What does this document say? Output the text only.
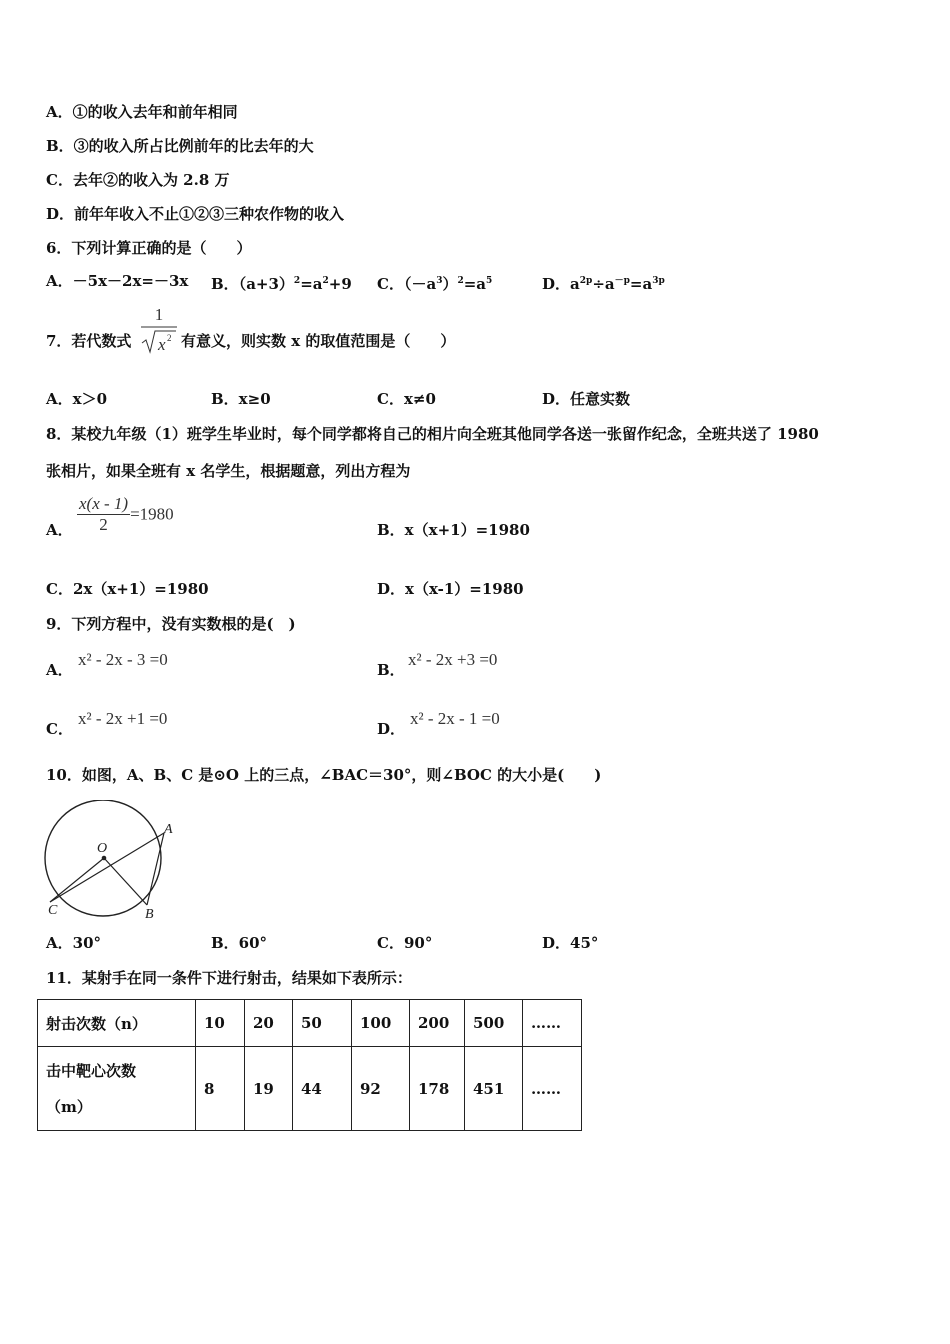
A．①的收入去年和前年相同
B．③的收入所占比例前年的比去年的大
C．去年②的收入为 2.8 万
D．前年年收入不止①②③三种农作物的收入
6．下列计算正确的是（　　）
A．－5x－2x=－3x B．$(a+3)^2=a^2+9$ C．$(-a^3)^2=a^5$	D．$a^{2p}\div a^{-p}=a^{3p}$
7．若代数式
1
x 2 有意义，则实数 x 的取值范围是（　　）
A．x＞0	B．x≥0	C．x≠0	D．任意实数
8．某校九年级（1）班学生毕业时，每个同学都将自己的相片向全班其他同学各送一张留作纪念，全班共送了 1980
张相片，如果全班有 x 名学生，根据题意，列出方程为
A． $\frac{x(x - 1)}{2} =1980$
B．x（x+1）=1980
C．2x（x+1）=1980	D．x（x-1）=1980
9．下列方程中，没有实数根的是(　)
A．
x² - 2x - 3 =0
B．
x² - 2x +3 =0
C．
x² - 2x +1 =0
D．
x² - 2x - 1 =0
10．如图，A、B、C 是⊙O 上的三点，∠BAC＝30°，则∠BOC 的大小是(　　)
O
A
B
C
A．30°	B．60°	C．90°	D．45°
11．某射手在同一条件下进行射击，结果如下表所示：
射击次数（n）	10	20	50	100	200	500	……

击中靶心次数
（m）	8	19	44	92	178	451	……
